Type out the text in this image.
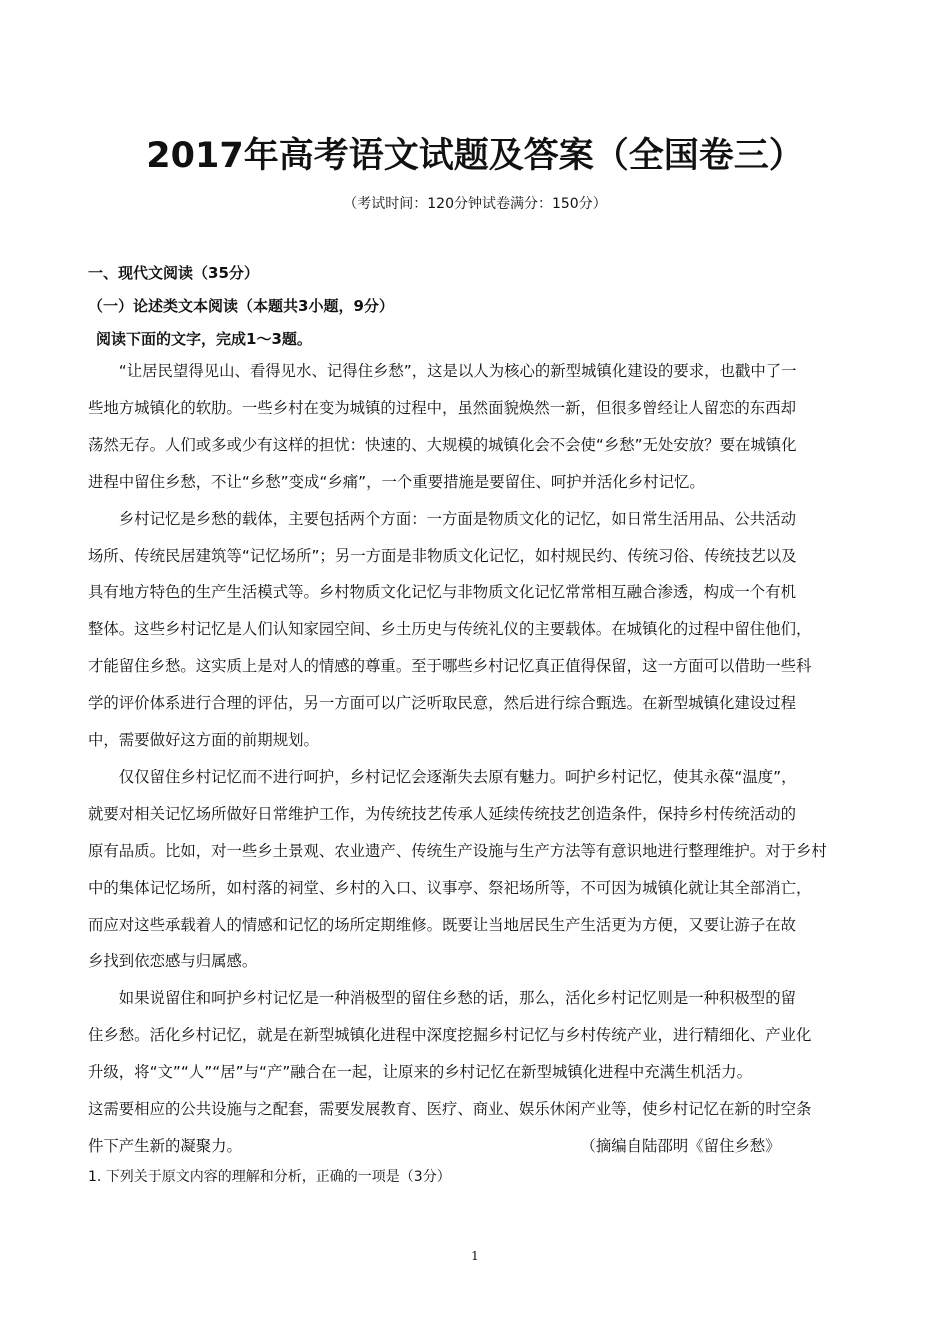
2017年高考语文试题及答案（全国卷三）

（考试时间：120分钟试卷满分：150分）

一、现代文阅读（35分）

（一）论述类文本阅读（本题共3小题，9分）

阅读下面的文字，完成1～3题。

　　“让居民望得见山、看得见水、记得住乡愁”，这是以人为核心的新型城镇化建设的要求，也戳中了一

些地方城镇化的软肋。一些乡村在变为城镇的过程中，虽然面貌焕然一新，但很多曾经让人留恋的东西却

荡然无存。人们或多或少有这样的担忧：快速的、大规模的城镇化会不会使“乡愁”无处安放？要在城镇化

进程中留住乡愁，不让“乡愁”变成“乡痛”，一个重要措施是要留住、呵护并活化乡村记忆。

　　乡村记忆是乡愁的载体，主要包括两个方面：一方面是物质文化的记忆，如日常生活用品、公共活动

场所、传统民居建筑等“记忆场所”；另一方面是非物质文化记忆，如村规民约、传统习俗、传统技艺以及

具有地方特色的生产生活模式等。乡村物质文化记忆与非物质文化记忆常常相互融合渗透，构成一个有机

整体。这些乡村记忆是人们认知家园空间、乡土历史与传统礼仪的主要载体。在城镇化的过程中留住他们，

才能留住乡愁。这实质上是对人的情感的尊重。至于哪些乡村记忆真正值得保留，这一方面可以借助一些科

学的评价体系进行合理的评估，另一方面可以广泛听取民意，然后进行综合甄选。在新型城镇化建设过程

中，需要做好这方面的前期规划。

　　仅仅留住乡村记忆而不进行呵护，乡村记忆会逐渐失去原有魅力。呵护乡村记忆，使其永葆“温度”，

就要对相关记忆场所做好日常维护工作，为传统技艺传承人延续传统技艺创造条件，保持乡村传统活动的

原有品质。比如，对一些乡土景观、农业遗产、传统生产设施与生产方法等有意识地进行整理维护。对于乡村

中的集体记忆场所，如村落的祠堂、乡村的入口、议事亭、祭祀场所等，不可因为城镇化就让其全部消亡，

而应对这些承载着人的情感和记忆的场所定期维修。既要让当地居民生产生活更为方便，又要让游子在故

乡找到依恋感与归属感。

　　如果说留住和呵护乡村记忆是一种消极型的留住乡愁的话，那么，活化乡村记忆则是一种积极型的留

住乡愁。活化乡村记忆，就是在新型城镇化进程中深度挖掘乡村记忆与乡村传统产业，进行精细化、产业化

升级，将“文”“人”“居”与“产”融合在一起，让原来的乡村记忆在新型城镇化进程中充满生机活力。

这需要相应的公共设施与之配套，需要发展教育、医疗、商业、娱乐休闲产业等，使乡村记忆在新的时空条

件下产生新的凝聚力。　　　　　　　　　　　　　　　　　　　　　　　（摘编自陆邵明《留住乡愁》

1. 下列关于原文内容的理解和分析，正确的一项是（3分）

1
